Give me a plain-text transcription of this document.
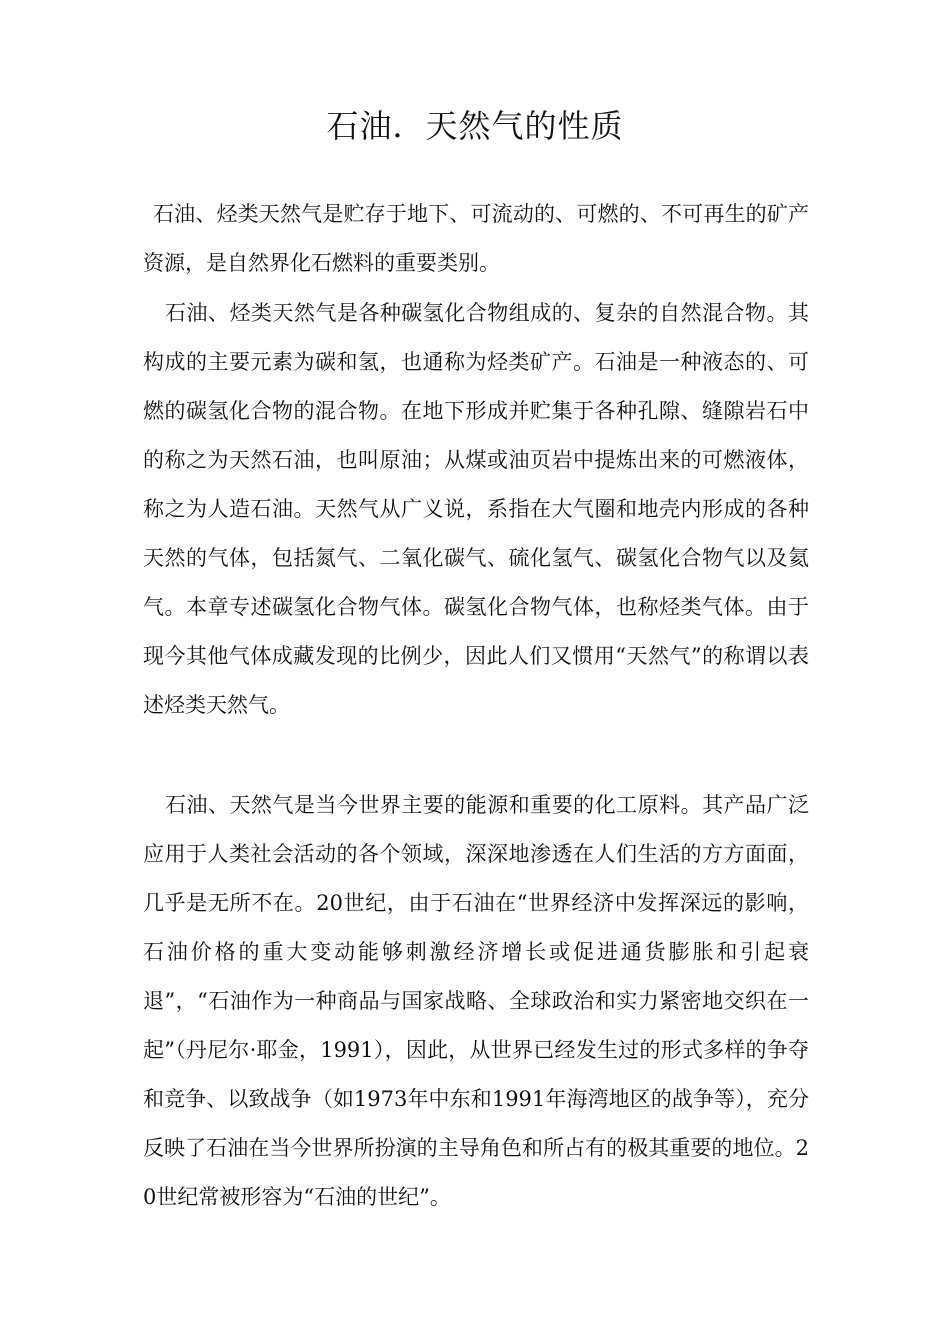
石油．天然气的性质

石油、烃类天然气是贮存于地下、可流动的、可燃的、不可再生的矿产资源，是自然界化石燃料的重要类别。

石油、烃类天然气是各种碳氢化合物组成的、复杂的自然混合物。其构成的主要元素为碳和氢，也通称为烃类矿产。石油是一种液态的、可燃的碳氢化合物的混合物。在地下形成并贮集于各种孔隙、缝隙岩石中的称之为天然石油，也叫原油；从煤或油页岩中提炼出来的可燃液体，称之为人造石油。天然气从广义说，系指在大气圈和地壳内形成的各种天然的气体，包括氮气、二氧化碳气、硫化氢气、碳氢化合物气以及氦气。本章专述碳氢化合物气体。碳氢化合物气体，也称烃类气体。由于现今其他气体成藏发现的比例少，因此人们又惯用“天然气”的称谓以表述烃类天然气。

石油、天然气是当今世界主要的能源和重要的化工原料。其产品广泛应用于人类社会活动的各个领域，深深地渗透在人们生活的方方面面，几乎是无所不在。20世纪，由于石油在“世界经济中发挥深远的影响，石油价格的重大变动能够刺激经济增长或促进通货膨胀和引起衰退”，“石油作为一种商品与国家战略、全球政治和实力紧密地交织在一起”（丹尼尔·耶金，1991），因此，从世界已经发生过的形式多样的争夺和竞争、以致战争（如1973年中东和1991年海湾地区的战争等），充分反映了石油在当今世界所扮演的主导角色和所占有的极其重要的地位。20世纪常被形容为“石油的世纪”。
